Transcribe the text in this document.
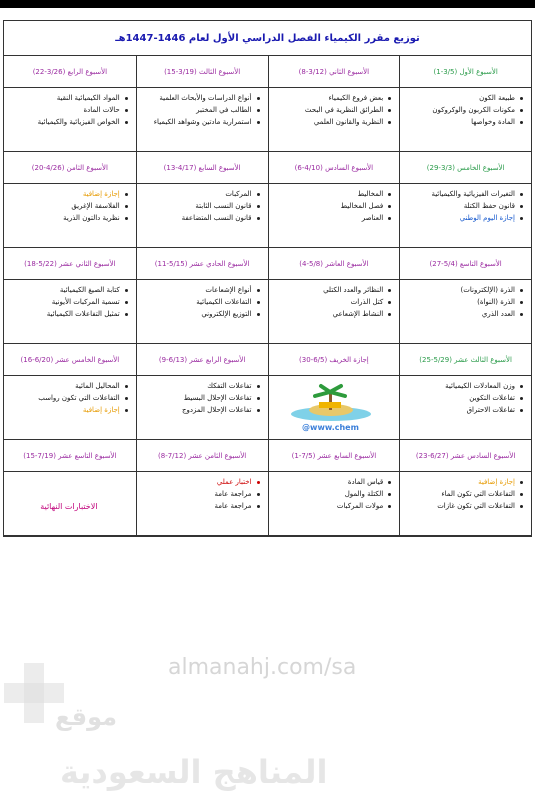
توزيع مقرر الكيمياء الفصل الدراسي الأول لعام 1446-1447هـ
الأسبوع الأول (3/5-1)
الأسبوع الثاني (3/12-8)
الأسبوع الثالث (3/19-15)
الأسبوع الرابع (3/26-22)
طبيعة الكون
مكونات الكربون والوكروكون
المادة وخواصها
بعض فروع الكيمياء
الطرائق النظرية في البحث
النظرية والقانون العلمي
أنواع الدراسات والأبحاث العلمية
الطالب في المختبر
استمرارية مادتين وشواهد الكيمياء
المواد الكيميائية النقية
حالات المادة
الخواص الفيزيائية والكيميائية
الأسبوع الخامس (3/3-29)
الأسبوع السادس (4/10-6)
الأسبوع السابع (4/17-13)
الأسبوع الثامن (4/26-20)
التغيرات الفيزيائية والكيميائية
قانون حفظ الكتلة
إجازة اليوم الوطني
المخاليط
فصل المخاليط
العناصر
المركبات
قانون النسب الثابتة
قانون النسب المتضاعفة
إجازة إضافية
الفلاسفة الإغريق
نظرية دالتون الذرية
الأسبوع التاسع (5/4-27)
الأسبوع العاشر (5/8-4)
الأسبوع الحادي عشر (5/15-11)
الأسبوع الثاني عشر (5/22-18)
الذرة (الإلكترونات)
الذرة (النواة)
العدد الذري
النظائر والعدد الكتلي
كتل الذرات
النشاط الإشعاعي
أنواع الإشعاعات
التفاعلات الكيميائية
التوزيع الإلكتروني
كتابة الصيغ الكيميائية
تسمية المركبات الأيونية
تمثيل التفاعلات الكيميائية
الأسبوع الثالث عشر (5/29-25)
إجازة الخريف (6/5-30)
الأسبوع الرابع عشر (6/13-9)
الأسبوع الخامس عشر (6/20-16)
وزن المعادلات الكيميائية
تفاعلات التكوين
تفاعلات الاحتراق
@www.chem
تفاعلات التفكك
تفاعلات الإحلال البسيط
تفاعلات الإحلال المزدوج
المحاليل المائية
التفاعلات التي تكون رواسب
إجازة إضافية
الأسبوع السادس عشر (6/27-23)
الأسبوع السابع عشر (7/5-1)
الأسبوع الثامن عشر (7/12-8)
الأسبوع التاسع عشر (7/19-15)
إجازة إضافية
التفاعلات التي تكون الماء
التفاعلات التي تكون غازات
قياس المادة
الكتلة والمول
مولات المركبات
اختبار عملي
مراجعة عامة
مراجعة عامة
الاختبارات النهائية
almanahj.com/sa
موقع
المناهج السعودية
